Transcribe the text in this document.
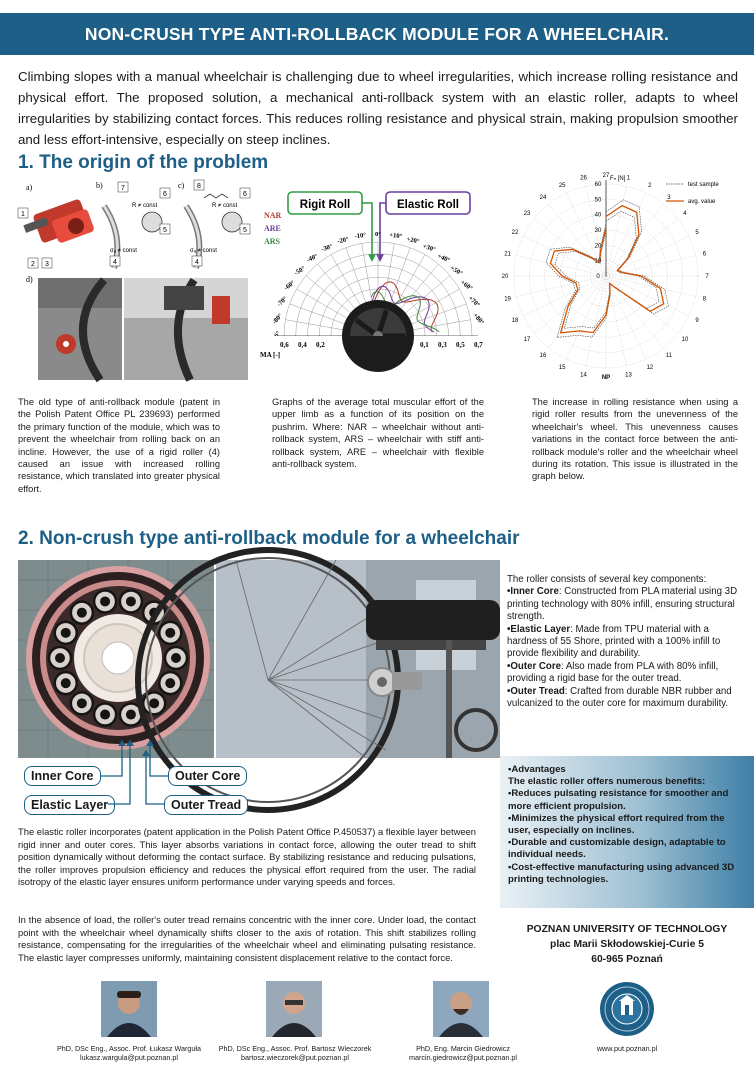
NON-CRUSH TYPE ANTI-ROLLBACK MODULE FOR A WHEELCHAIR.

Climbing slopes with a manual wheelchair is challenging due to wheel irregularities, which increase rolling resistance and physical effort. The proposed solution, a mechanical anti-rollback system with an elastic roller, adapts to wheel irregularities by stabilizing contact forces. This reduces rolling resistance and physical strain, making propulsion smoother and less effort-intensive, especially on steep inclines.

1. The origin of the problem
a)
1
2 3
b)	7
6
5
R ≠ const
σₐ ≠ const
4
c) 8
6
5
R ≠ const
σₐ ≠ const
4
d)
Rigit Roll	Elastic Roll
NAR
ARE
ARS
-80°
-70°
-60°
-50°
-40°
-30°
-20°
-10° 0° +10° +20°
+30°
+40°
+50°
+60°
+70°
+80°
0,6 0,4 0,2	0,1 0,3 0,5 0,7
MA [-]
27	1
2
3
4
5
6
7
8
9
10
11
12
13
NP
14
15
16
17
18
19
20
21
22
23
24
25
26
60
50
40
30
20
10
0
Fₙ [N]
test sample
avg. value

The old type of anti-rollback module (patent in the Polish Patent Office PL 239693) performed the primary function of the module, which was to prevent the wheelchair from rolling back on an incline. However, the use of a rigid roller (4) caused an issue with increased rolling resistance, which translated into greater physical effort.

Graphs of the average total muscular effort of the upper limb as a function of its position on the pushrim. Where: NAR – wheelchair without anti-rollback system, ARS – wheelchair with stiff anti-rollback system, ARE – wheelchair with flexible anti-rollback system.

The increase in rolling resistance when using a rigid roller results from the unevenness of the wheelchair's wheel. This unevenness causes variations in the contact force between the anti-rollback module's roller and the wheelchair wheel during its rotation. This issue is illustrated in the graph below.

2. Non-crush type anti-rollback module for a wheelchair
Inner Core	Outer Core
Elastic Layer	Outer Tread
The roller consists of several key components:
•Inner Core: Constructed from PLA material using 3D printing technology with 80% infill, ensuring structural strength.
•Elastic Layer: Made from TPU material with a hardness of 55 Shore, printed with a 100% infill to provide flexibility and durability.
•Outer Core: Also made from PLA with 80% infill, providing a rigid base for the outer tread.
•Outer Tread: Crafted from durable NBR rubber and vulcanized to the outer core for maximum durability.
•Advantages
The elastic roller offers numerous benefits:
•Reduces pulsating resistance for smoother and more efficient propulsion.
•Minimizes the physical effort required from the user, especially on inclines.
•Durable and customizable design, adaptable to individual needs.
•Cost-effective manufacturing using advanced 3D printing technologies.

The elastic roller incorporates (patent application in the Polish Patent Office P.450537) a flexible layer between rigid inner and outer cores. This layer absorbs variations in contact force, allowing the outer tread to shift position dynamically without deforming the contact surface. By stabilizing resistance and reducing pulsations, the roller improves propulsion efficiency and reduces the physical effort required from the user. The radial isotropy of the elastic layer ensures uniform performance under varying speeds and forces.

In the absence of load, the roller's outer tread remains concentric with the inner core. Under load, the contact point with the wheelchair wheel dynamically shifts closer to the axis of rotation. This shift stabilizes rolling resistance, compensating for the irregularities of the wheelchair wheel and eliminating pulsating resistance. The elastic layer compresses uniformly, maintaining consistent displacement relative to the contact force.

POZNAN UNIVERSITY OF TECHNOLOGY
plac Marii Skłodowskiej-Curie 5
60-965 Poznań
PhD, DSc Eng., Assoc. Prof. Łukasz Warguła
lukasz.wargula@put.poznan.pl
PhD, DSc Eng., Assoc. Prof. Bartosz Wieczorek
bartosz.wieczorek@put.poznan.pl
PhD, Eng. Marcin Giedrowicz
marcin.giedrowicz@put.poznan.pl
www.put.poznan.pl
